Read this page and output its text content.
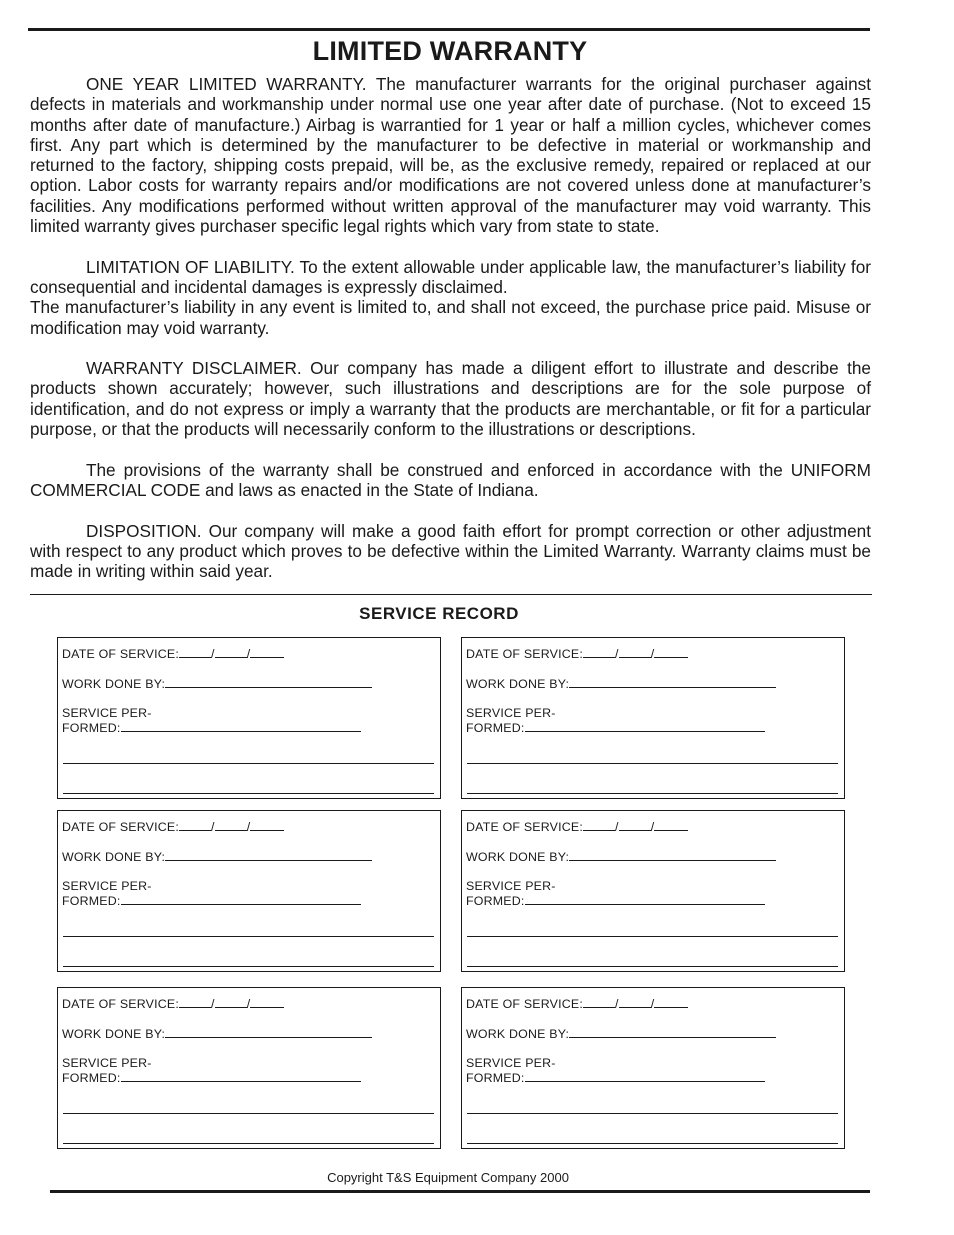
LIMITED WARRANTY

ONE YEAR LIMITED WARRANTY. The manufacturer warrants for the original purchaser against defects in materials and workmanship under normal use one year after date of purchase. (Not to exceed 15 months after date of manufacture.) Airbag is warrantied for 1 year or half a million cycles, whichever comes first. Any part which is determined by the manufacturer to be defective in material or workmanship and returned to the factory, shipping costs prepaid, will be, as the exclusive remedy, repaired or replaced at our option. Labor costs for warranty repairs and/or modifications are not covered unless done at manufacturer’s facilities. Any modifications performed without written approval of the manufacturer may void warranty. This limited warranty gives purchaser specific legal rights which vary from state to state.

LIMITATION OF LIABILITY. To the extent allowable under applicable law, the manufacturer’s liability for consequential and incidental damages is expressly disclaimed.

The manufacturer’s liability in any event is limited to, and shall not exceed, the purchase price paid. Misuse or modification may void warranty.

WARRANTY DISCLAIMER. Our company has made a diligent effort to illustrate and describe the products shown accurately; however, such illustrations and descriptions are for the sole purpose of identification, and do not express or imply a warranty that the products are merchantable, or fit for a particular purpose, or that the products will necessarily conform to the illustrations or descriptions.

The provisions of the warranty shall be construed and enforced in accordance with the UNIFORM COMMERCIAL CODE and laws as enacted in the State of Indiana.

DISPOSITION. Our company will make a good faith effort for prompt correction or other adjustment with respect to any product which proves to be defective within the Limited Warranty. Warranty claims must be made in writing within said year.

SERVICE RECORD
DATE OF SERVICE:	/	/
WORK DONE BY:
SERVICE PER-
FORMED:
DATE OF SERVICE:	/	/
WORK DONE BY:
SERVICE PER-
FORMED:
DATE OF SERVICE:	/	/
WORK DONE BY:
SERVICE PER-
FORMED:
DATE OF SERVICE:	/	/
WORK DONE BY:
SERVICE PER-
FORMED:
DATE OF SERVICE:	/	/
WORK DONE BY:
SERVICE PER-
FORMED:
DATE OF SERVICE:	/	/
WORK DONE BY:
SERVICE PER-
FORMED:
Copyright T&S Equipment Company 2000
